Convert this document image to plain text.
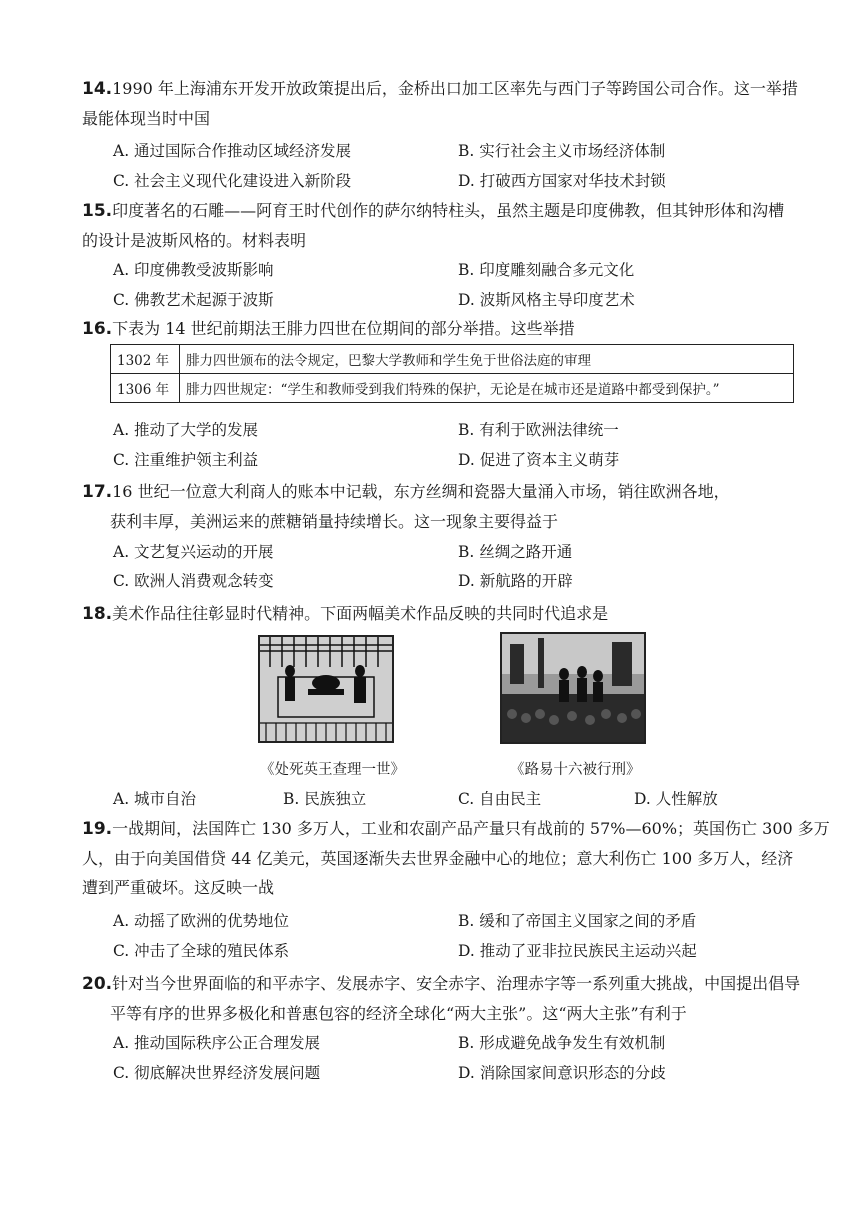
14.1990 年上海浦东开发开放政策提出后，金桥出口加工区率先与西门子等跨国公司合作。这一举措
最能体现当时中国
A. 通过国际合作推动区域经济发展	B. 实行社会主义市场经济体制
C. 社会主义现代化建设进入新阶段	D. 打破西方国家对华技术封锁
15.印度著名的石雕——阿育王时代创作的萨尔纳特柱头，虽然主题是印度佛教，但其钟形体和沟槽
的设计是波斯风格的。材料表明
A. 印度佛教受波斯影响	B. 印度雕刻融合多元文化
C. 佛教艺术起源于波斯	D. 波斯风格主导印度艺术
16.下表为 14 世纪前期法王腓力四世在位期间的部分举措。这些举措
1302 年	腓力四世颁布的法令规定，巴黎大学教师和学生免于世俗法庭的审理
1306 年	腓力四世规定：“学生和教师受到我们特殊的保护，无论是在城市还是道路中都受到保护。”
A. 推动了大学的发展	B. 有利于欧洲法律统一
C. 注重维护领主利益	D. 促进了资本主义萌芽
17.16 世纪一位意大利商人的账本中记载，东方丝绸和瓷器大量涌入市场，销往欧洲各地，
获利丰厚，美洲运来的蔗糖销量持续增长。这一现象主要得益于
A. 文艺复兴运动的开展	B. 丝绸之路开通
C. 欧洲人消费观念转变	D. 新航路的开辟
18.美术作品往往彰显时代精神。下面两幅美术作品反映的共同时代追求是
《处死英王查理一世》	《路易十六被行刑》
A. 城市自治	B. 民族独立	C. 自由民主	D. 人性解放
19.一战期间，法国阵亡 130 多万人，工业和农副产品产量只有战前的 57%—60%；英国伤亡 300 多万
人，由于向美国借贷 44 亿美元，英国逐渐失去世界金融中心的地位；意大利伤亡 100 多万人，经济
遭到严重破坏。这反映一战
A. 动摇了欧洲的优势地位	B. 缓和了帝国主义国家之间的矛盾
C. 冲击了全球的殖民体系	D. 推动了亚非拉民族民主运动兴起
20.针对当今世界面临的和平赤字、发展赤字、安全赤字、治理赤字等一系列重大挑战，中国提出倡导
平等有序的世界多极化和普惠包容的经济全球化“两大主张”。这“两大主张”有利于
A. 推动国际秩序公正合理发展	B. 形成避免战争发生有效机制
C. 彻底解决世界经济发展问题	D. 消除国家间意识形态的分歧
